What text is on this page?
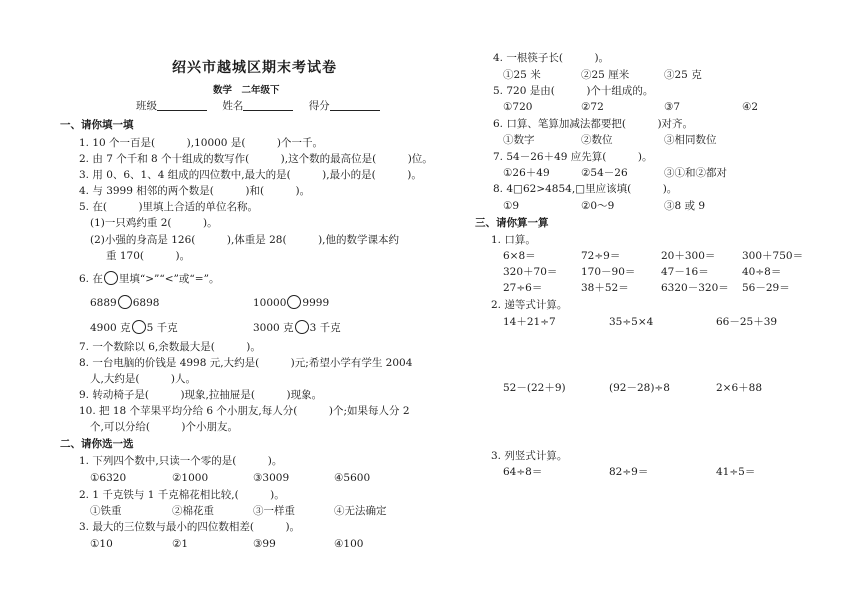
绍兴市越城区期末考试卷
数学　二年级下
班级	姓名	得分
一、请你填一填
1. 10 个一百是(　　　),10000 是(　　　)个一千。
2. 由 7 个千和 8 个十组成的数写作(　　　),这个数的最高位是(　　　)位。
3. 用 0、6、1、4 组成的四位数中,最大的是(　　　),最小的是(　　　)。
4. 与 3999 相邻的两个数是(　　　)和(　　　)。
5. 在(　　　)里填上合适的单位名称。
(1)一只鸡约重 2(　　　)。
(2)小强的身高是 126(　　　),体重是 28(　　　),他的数学课本约
重 170(　　　)。
6. 在 里填“>”“<”或“=”。
6889 6898	10000 9999
4900 克 5 千克	3000 克 3 千克
7. 一个数除以 6,余数最大是(　　　)。
8. 一台电脑的价钱是 4998 元,大约是(　　　)元;希望小学有学生 2004
人,大约是(　　　)人。
9. 转动椅子是(　　　)现象,拉抽屉是(　　　)现象。
10. 把 18 个苹果平均分给 6 个小朋友,每人分(　　　)个;如果每人分 2
个,可以分给(　　　)个小朋友。
二、请你选一选
1. 下列四个数中,只读一个零的是(　　　)。
①6320	②1000	③3009	④5600
2. 1 千克铁与 1 千克棉花相比较,(　　　)。
①铁重	②棉花重	③一样重	④无法确定
3. 最大的三位数与最小的四位数相差(　　　)。
①10	②1	③99	④100
4. 一根筷子长(　　　)。
①25 米	②25 厘米	③25 克
5. 720 是由(　　　)个十组成的。
①720	②72	③7	④2
6. 口算、笔算加减法都要把(　　　)对齐。
①数字	②数位	③相同数位
7. 54－26＋49 应先算(　　　)。
①26＋49	②54－26	③①和②都对
8. 4□62>4854,□里应该填(　　　)。
①9	②0～9	③8 或 9
三、请你算一算
1. 口算。
6×8＝	72÷9＝	20＋300＝	300＋750＝
320＋70＝ 170－90＝ 47－16＝	40÷8＝
27÷6＝	38＋52＝	6320－320＝ 56－29＝
2. 递等式计算。
14＋21÷7	35÷5×4	66－25＋39
52－(22＋9)	(92－28)÷8	2×6＋88
3. 列竖式计算。
64÷8＝	82÷9＝	41÷5＝
